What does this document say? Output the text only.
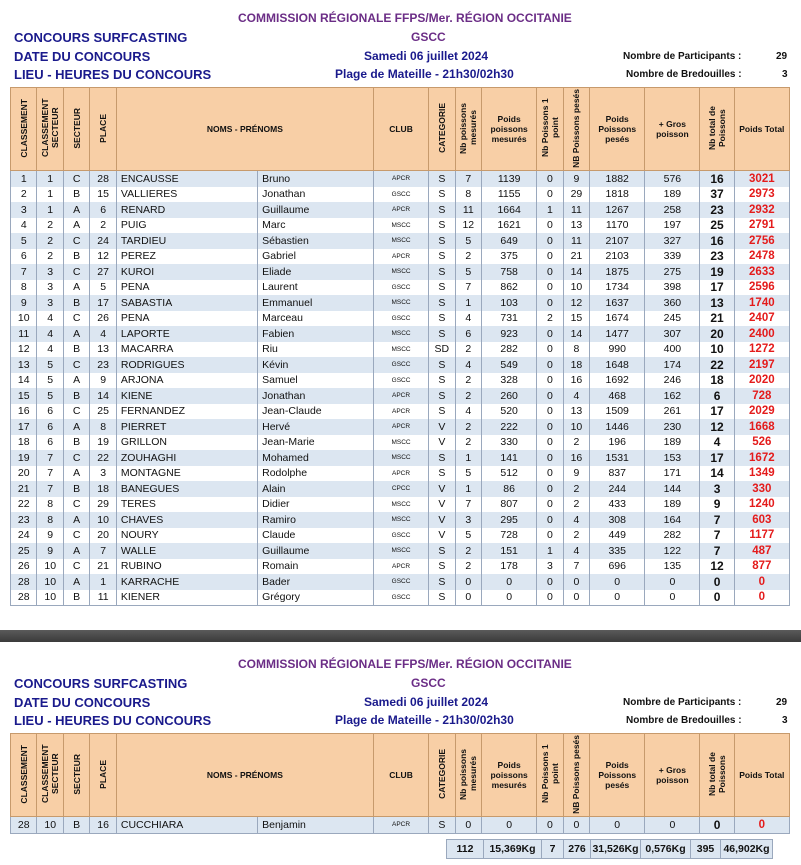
COMMISSION RÉGIONALE FFPS/Mer. RÉGION OCCITANIE
CONCOURS SURFCASTING	GSCC
DATE DU CONCOURS	Samedi 06 juillet 2024	Nombre de Participants :	29
LIEU - HEURES DU CONCOURS	Plage de Mateille - 21h30/02h30	Nombre de Bredouilles :	3
CLASSEMENT	CLASSEMENT SECTEUR	SECTEUR	PLACE	NOMS - PRÉNOMS		CLUB	CATEGORIE	Nb poissons mesurés	Poids poissons mesurés	Nb Poissons 1 point	NB Poissons pesés	Poids Poissons pesés	+ Gros poisson	Nb total de Poissons	Poids Total
1	1	C	28	ENCAUSSE	Bruno	APCR	S	7	1139	0	9	1882	576	16	3021
2	1	B	15	VALLIERES	Jonathan	GSCC	S	8	1155	0	29	1818	189	37	2973
3	1	A	6	RENARD	Guillaume	APCR	S	11	1664	1	11	1267	258	23	2932
4	2	A	2	PUIG	Marc	MSCC	S	12	1621	0	13	1170	197	25	2791
5	2	C	24	TARDIEU	Sébastien	MSCC	S	5	649	0	11	2107	327	16	2756
6	2	B	12	PEREZ	Gabriel	APCR	S	2	375	0	21	2103	339	23	2478
7	3	C	27	KUROI	Eliade	MSCC	S	5	758	0	14	1875	275	19	2633
8	3	A	5	PENA	Laurent	GSCC	S	7	862	0	10	1734	398	17	2596
9	3	B	17	SABASTIA	Emmanuel	MSCC	S	1	103	0	12	1637	360	13	1740
10	4	C	26	PENA	Marceau	GSCC	S	4	731	2	15	1674	245	21	2407
11	4	A	4	LAPORTE	Fabien	MSCC	S	6	923	0	14	1477	307	20	2400
12	4	B	13	MACARRA	Riu	MSCC	SD	2	282	0	8	990	400	10	1272
13	5	C	23	RODRIGUES	Kévin	GSCC	S	4	549	0	18	1648	174	22	2197
14	5	A	9	ARJONA	Samuel	GSCC	S	2	328	0	16	1692	246	18	2020
15	5	B	14	KIENE	Jonathan	APCR	S	2	260	0	4	468	162	6	728
16	6	C	25	FERNANDEZ	Jean-Claude	APCR	S	4	520	0	13	1509	261	17	2029
17	6	A	8	PIERRET	Hervé	APCR	V	2	222	0	10	1446	230	12	1668
18	6	B	19	GRILLON	Jean-Marie	MSCC	V	2	330	0	2	196	189	4	526
19	7	C	22	ZOUHAGHI	Mohamed	MSCC	S	1	141	0	16	1531	153	17	1672
20	7	A	3	MONTAGNE	Rodolphe	APCR	S	5	512	0	9	837	171	14	1349
21	7	B	18	BANEGUES	Alain	CPCC	V	1	86	0	2	244	144	3	330
22	8	C	29	TERES	Didier	MSCC	V	7	807	0	2	433	189	9	1240
23	8	A	10	CHAVES	Ramiro	MSCC	V	3	295	0	4	308	164	7	603
24	9	C	20	NOURY	Claude	GSCC	V	5	728	0	2	449	282	7	1177
25	9	A	7	WALLE	Guillaume	MSCC	S	2	151	1	4	335	122	7	487
26	10	C	21	RUBINO	Romain	APCR	S	2	178	3	7	696	135	12	877
28	10	A	1	KARRACHE	Bader	GSCC	S	0	0	0	0	0	0	0	0
28	10	B	11	KIENER	Grégory	GSCC	S	0	0	0	0	0	0	0	0
COMMISSION RÉGIONALE FFPS/Mer. RÉGION OCCITANIE
CONCOURS SURFCASTING	GSCC
DATE DU CONCOURS	Samedi 06 juillet 2024	Nombre de Participants :	29
LIEU - HEURES DU CONCOURS	Plage de Mateille - 21h30/02h30	Nombre de Bredouilles :	3
CLASSEMENT	CLASSEMENT SECTEUR	SECTEUR	PLACE	NOMS - PRÉNOMS		CLUB	CATEGORIE	Nb poissons mesurés	Poids poissons mesurés	Nb Poissons 1 point	NB Poissons pesés	Poids Poissons pesés	+ Gros poisson	Nb total de Poissons	Poids Total
28	10	B	16	CUCCHIARA	Benjamin	APCR	S	0	0	0	0	0	0	0	0
112	15,369Kg	7	276	31,526Kg	0,576Kg	395	46,902Kg
